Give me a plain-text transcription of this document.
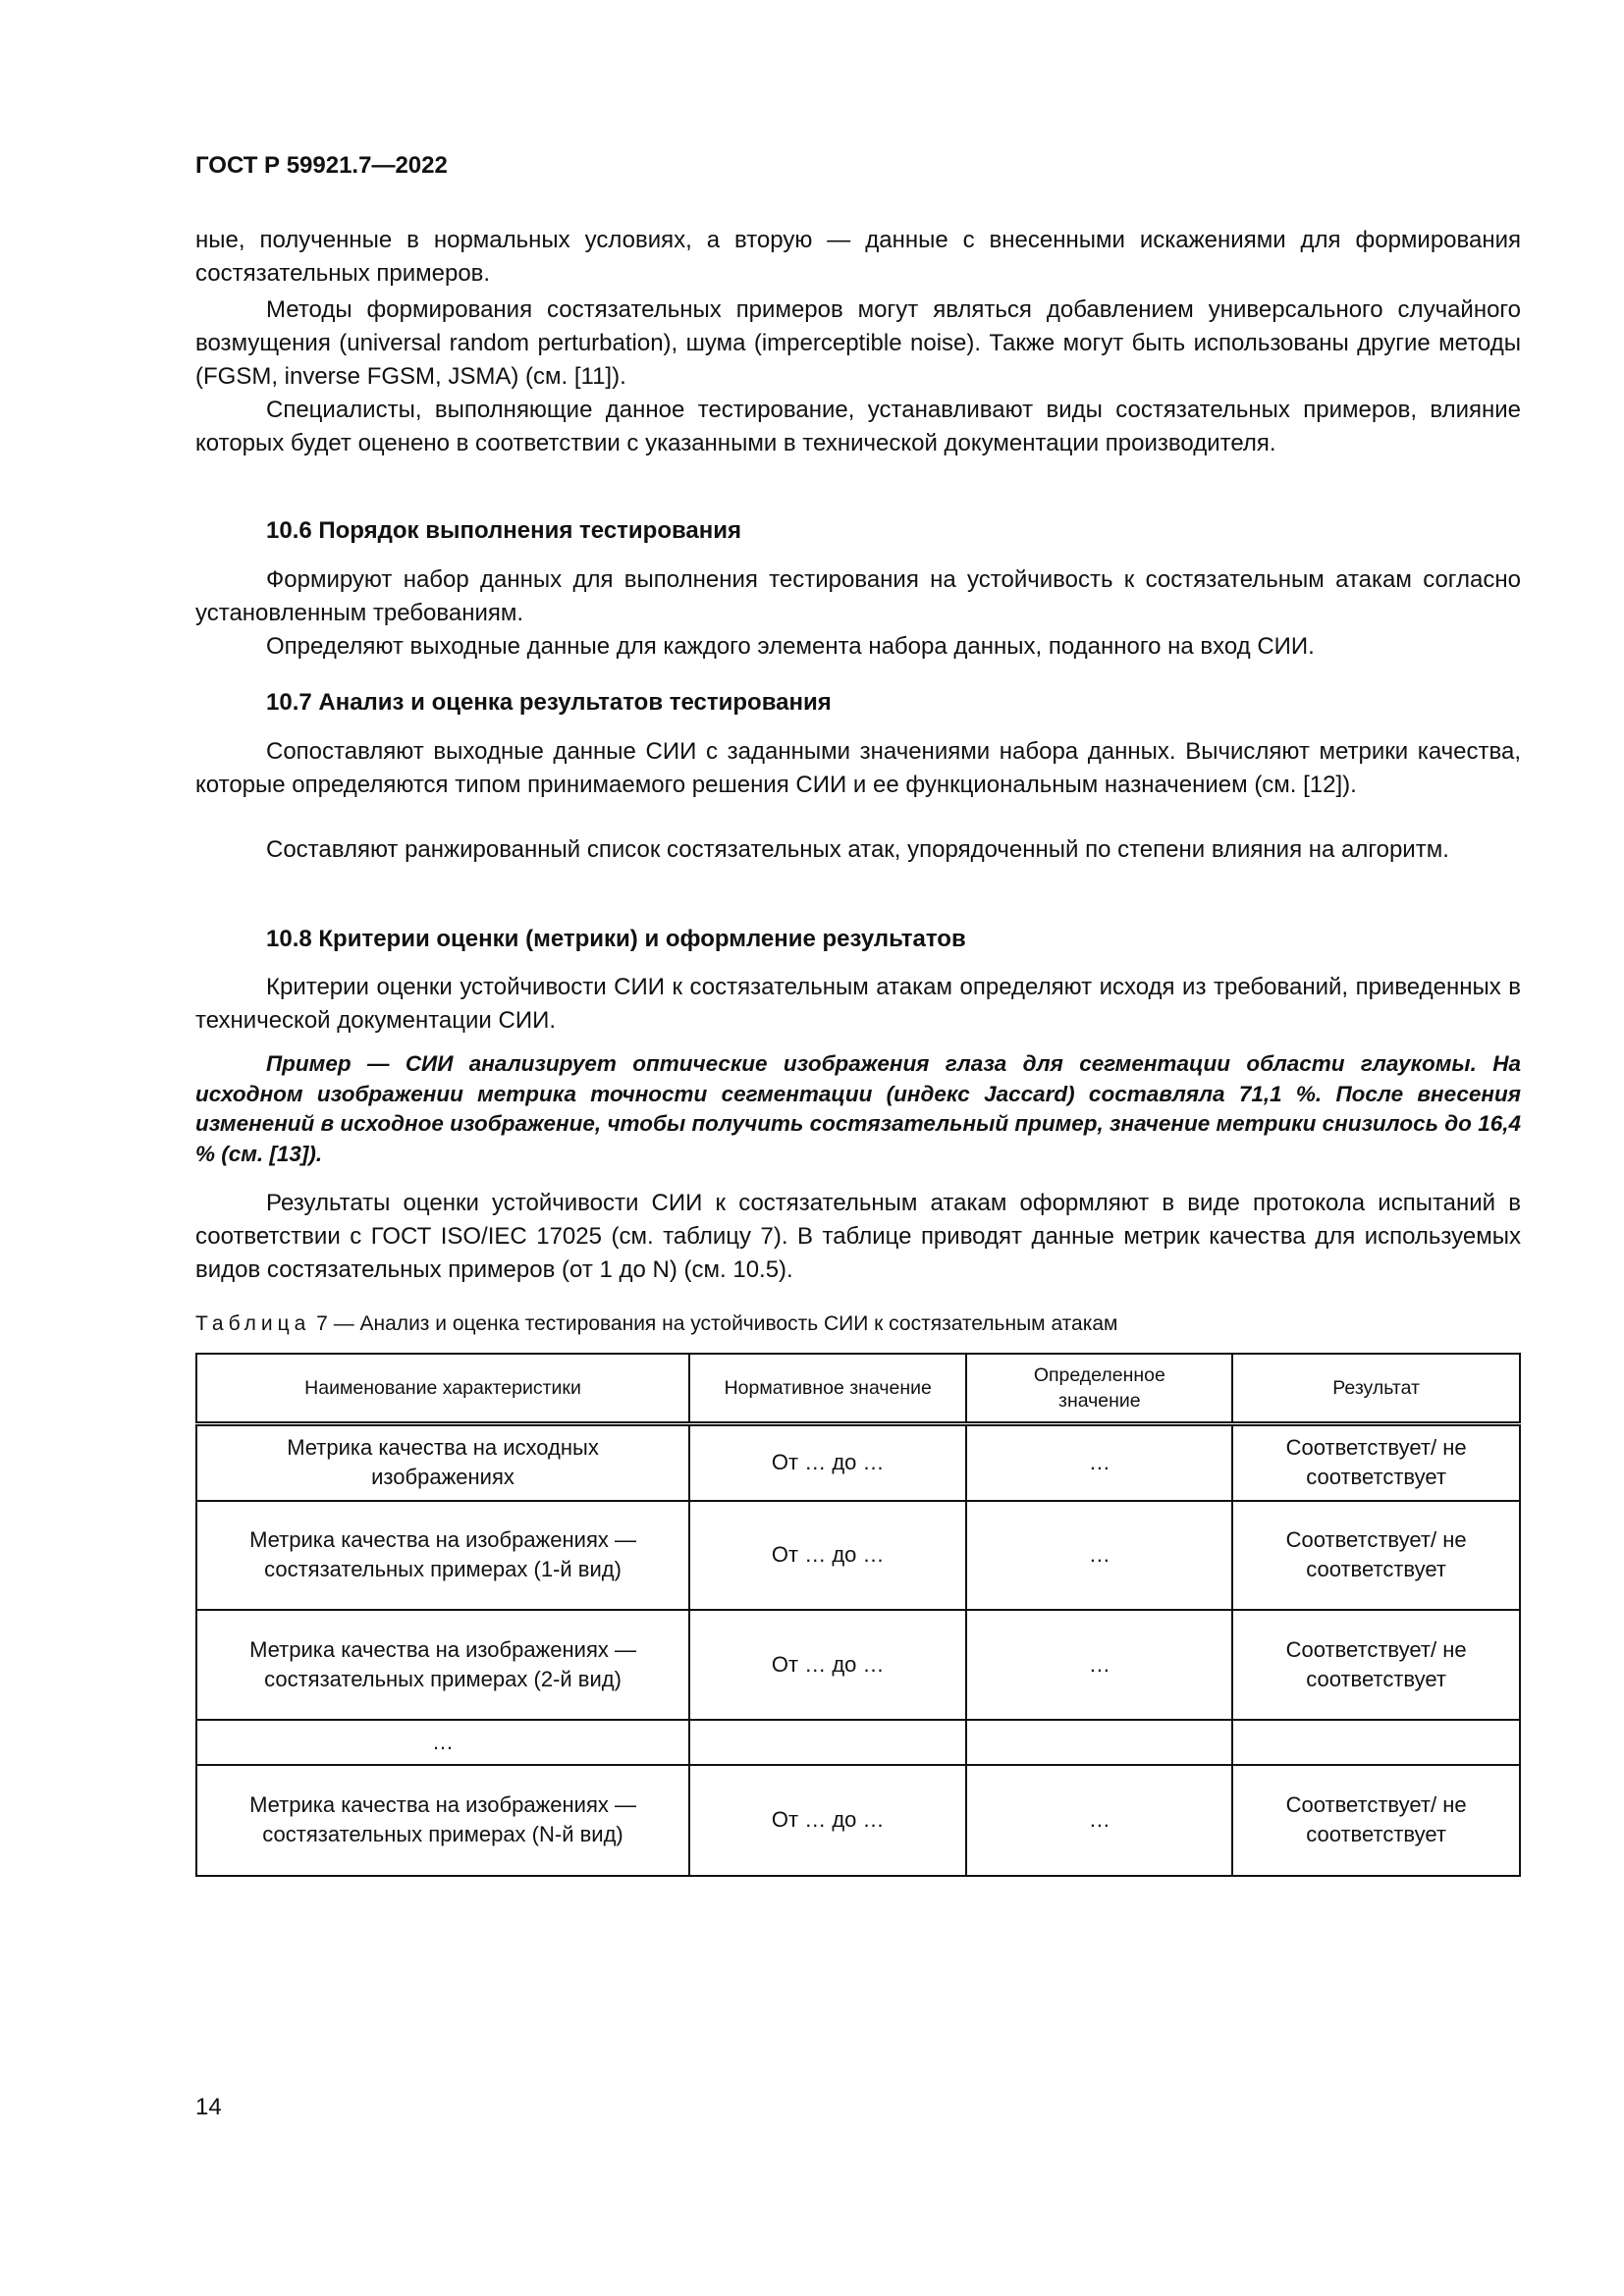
ГОСТ Р 59921.7—2022

ные, полученные в нормальных условиях, а вторую — данные с внесенными искажениями для формирования состязательных примеров.

Методы формирования состязательных примеров могут являться добавлением универсального случайного возмущения (universal random perturbation), шума (imperceptible noise). Также могут быть использованы другие методы (FGSM, inverse FGSM, JSMA) (см. [11]).

Специалисты, выполняющие данное тестирование, устанавливают виды состязательных примеров, влияние которых будет оценено в соответствии с указанными в технической документации производителя.

10.6 Порядок выполнения тестирования

Формируют набор данных для выполнения тестирования на устойчивость к состязательным атакам согласно установленным требованиям.

Определяют выходные данные для каждого элемента набора данных, поданного на вход СИИ.

10.7 Анализ и оценка результатов тестирования

Сопоставляют выходные данные СИИ с заданными значениями набора данных. Вычисляют метрики качества, которые определяются типом принимаемого решения СИИ и ее функциональным назначением (см. [12]).

Составляют ранжированный список состязательных атак, упорядоченный по степени влияния на алгоритм.

10.8 Критерии оценки (метрики) и оформление результатов

Критерии оценки устойчивости СИИ к состязательным атакам определяют исходя из требований, приведенных в технической документации СИИ.

Пример — СИИ анализирует оптические изображения глаза для сегментации области глаукомы. На исходном изображении метрика точности сегментации (индекс Jaccard) составляла 71,1 %. После внесения изменений в исходное изображение, чтобы получить состязательный пример, значение метрики снизилось до 16,4 % (см. [13]).

Результаты оценки устойчивости СИИ к состязательным атакам оформляют в виде протокола испытаний в соответствии с ГОСТ ISO/IEC 17025 (см. таблицу 7). В таблице приводят данные метрик качества для используемых видов состязательных примеров (от 1 до N) (см. 10.5).

Таблица 7 — Анализ и оценка тестирования на устойчивость СИИ к состязательным атакам
Наименование характеристики	Нормативное значение	Определенное значение	Результат
Метрика качества на исходных изображениях	От … до …	…	Соответствует/ не соответствует
Метрика качества на изображениях — состязательных примерах (1-й вид)	От … до …	…	Соответствует/ не соответствует
Метрика качества на изображениях — состязательных примерах (2-й вид)	От … до …	…	Соответствует/ не соответствует
…			
Метрика качества на изображениях — состязательных примерах (N-й вид)	От … до …	…	Соответствует/ не соответствует
14
